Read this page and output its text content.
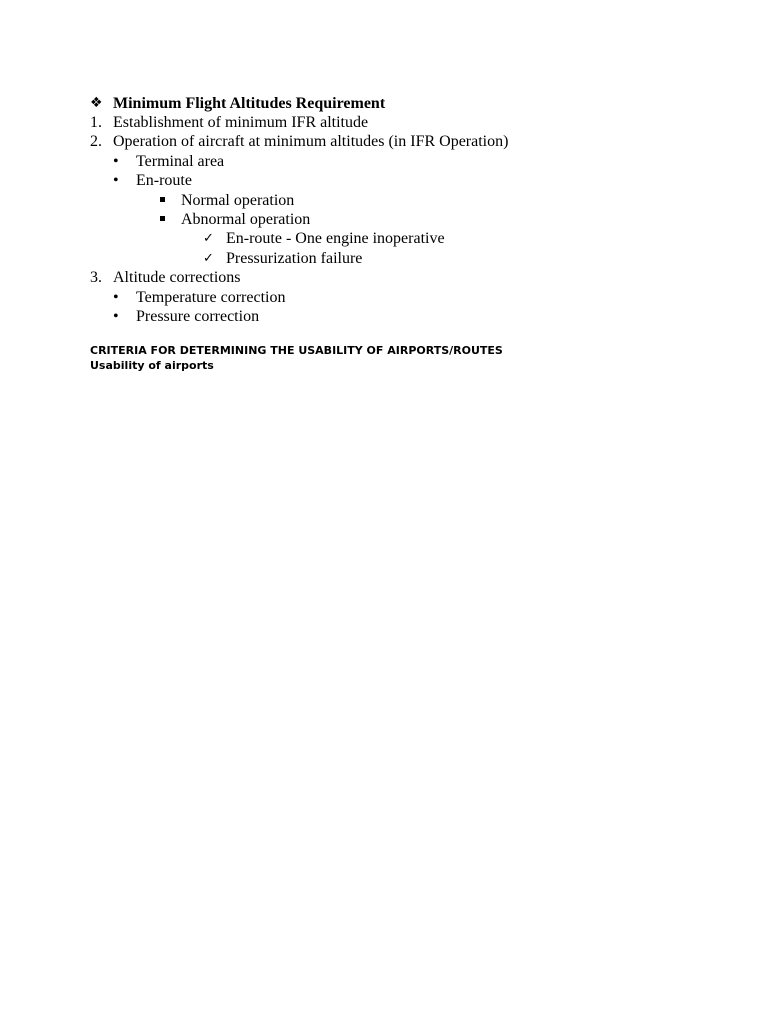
❖ Minimum Flight Altitudes Requirement
1. Establishment of minimum IFR altitude
2. Operation of aircraft at minimum altitudes (in IFR Operation)
• Terminal area
• En-route
Normal operation
Abnormal operation
✓ En-route - One engine inoperative
✓ Pressurization failure
3. Altitude corrections
• Temperature correction
• Pressure correction
CRITERIA FOR DETERMINING THE USABILITY OF AIRPORTS/ROUTES
Usability of airports
